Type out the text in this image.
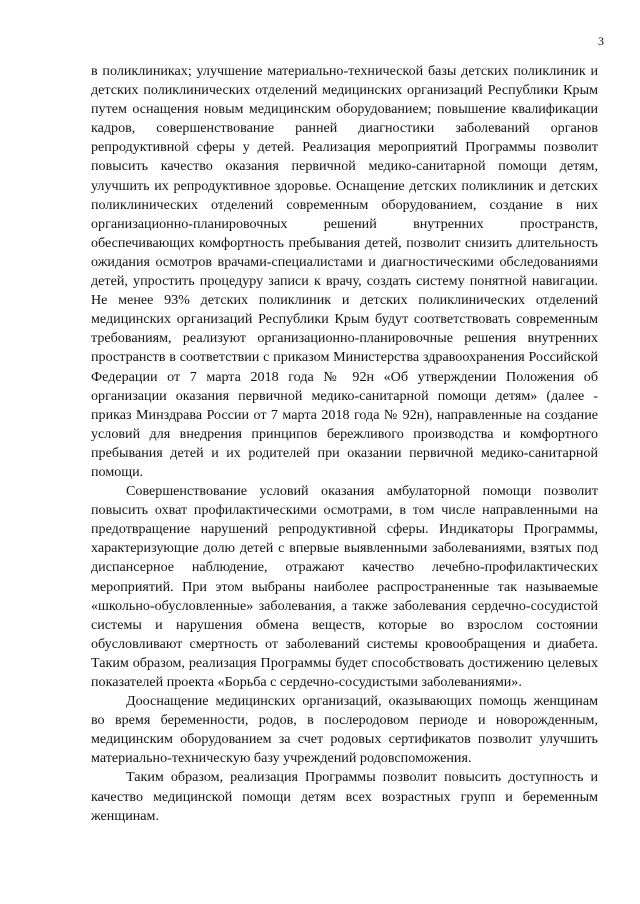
3

в поликлиниках; улучшение материально-технической базы детских поликлиник и детских поликлинических отделений медицинских организаций Республики Крым путем оснащения новым медицинским оборудованием; повышение квалификации кадров, совершенствование ранней диагностики заболеваний органов репродуктивной сферы у детей. Реализация мероприятий Программы позволит повысить качество оказания первичной медико-санитарной помощи детям, улучшить их репродуктивное здоровье. Оснащение детских поликлиник и детских поликлинических отделений современным оборудованием, создание в них организационно-планировочных решений внутренних пространств, обеспечивающих комфортность пребывания детей, позволит снизить длительность ожидания осмотров врачами-специалистами и диагностическими обследованиями детей, упростить процедуру записи к врачу, создать систему понятной навигации. Не менее 93% детских поликлиник и детских поликлинических отделений медицинских организаций Республики Крым будут соответствовать современным требованиям, реализуют организационно-планировочные решения внутренних пространств в соответствии с приказом Министерства здравоохранения Российской Федерации от 7 марта 2018 года № 92н «Об утверждении Положения об организации оказания первичной медико-санитарной помощи детям» (далее - приказ Минздрава России от 7 марта 2018 года № 92н), направленные на создание условий для внедрения принципов бережливого производства и комфортного пребывания детей и их родителей при оказании первичной медико-санитарной помощи.

Совершенствование условий оказания амбулаторной помощи позволит повысить охват профилактическими осмотрами, в том числе направленными на предотвращение нарушений репродуктивной сферы. Индикаторы Программы, характеризующие долю детей с впервые выявленными заболеваниями, взятых под диспансерное наблюдение, отражают качество лечебно-профилактических мероприятий. При этом выбраны наиболее распространенные так называемые «школьно-обусловленные» заболевания, а также заболевания сердечно-сосудистой системы и нарушения обмена веществ, которые во взрослом состоянии обусловливают смертность от заболеваний системы кровообращения и диабета. Таким образом, реализация Программы будет способствовать достижению целевых показателей проекта «Борьба с сердечно-сосудистыми заболеваниями».

Дооснащение медицинских организаций, оказывающих помощь женщинам во время беременности, родов, в послеродовом периоде и новорожденным, медицинским оборудованием за счет родовых сертификатов позволит улучшить материально-техническую базу учреждений родовспоможения.

Таким образом, реализация Программы позволит повысить доступность и качество медицинской помощи детям всех возрастных групп и беременным женщинам.
